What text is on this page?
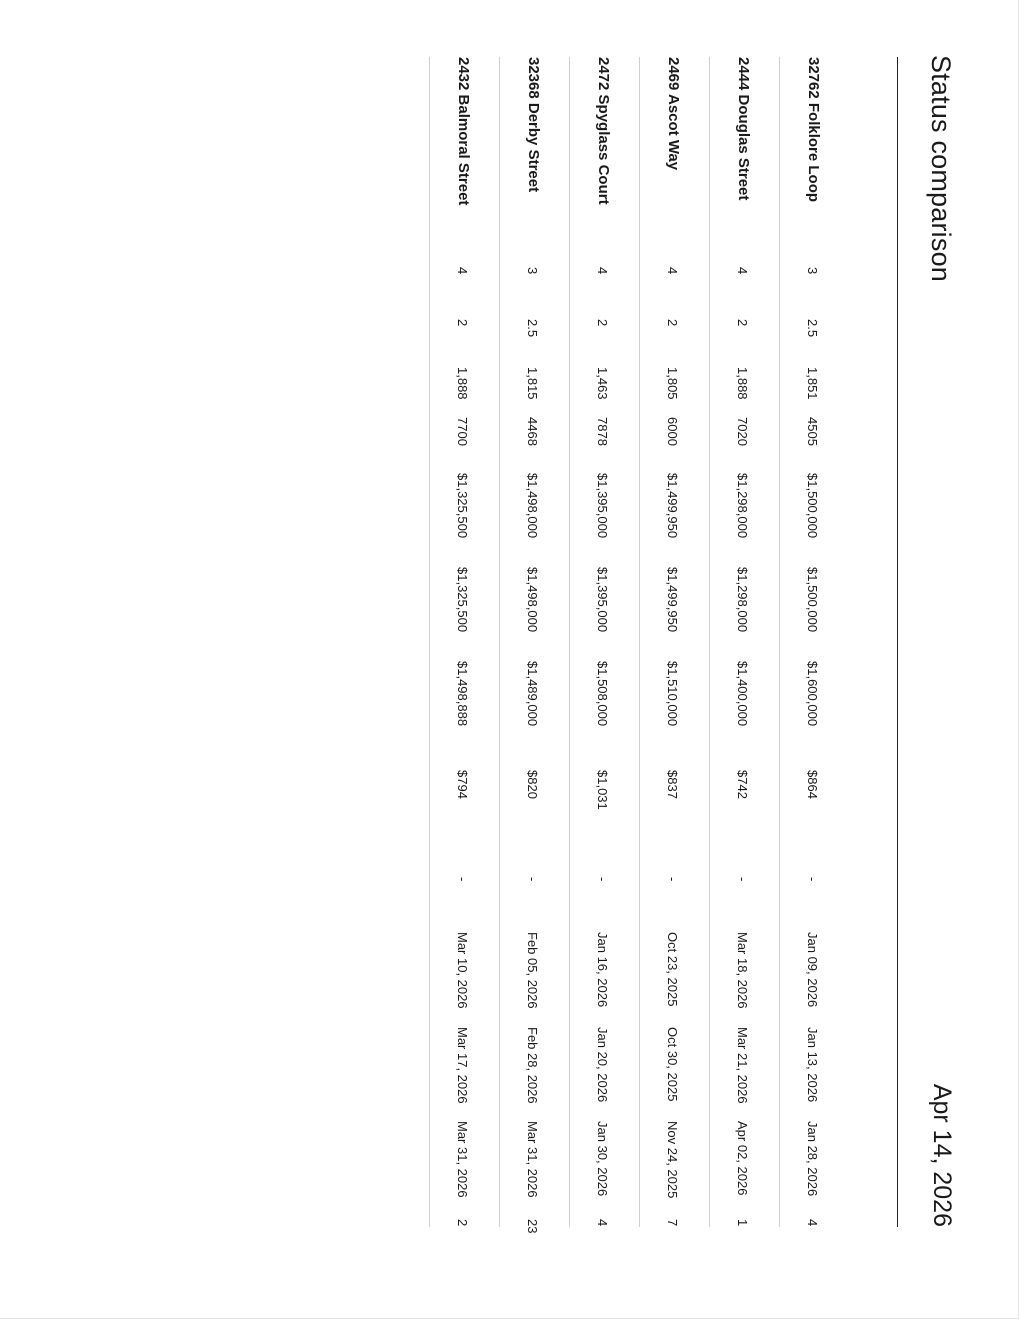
Status comparison
Apr 14, 2026
32762 Folklore Loop
3
2.5
1,851
4505
$1,500,000
$1,500,000
$1,600,000
$864
-
Jan 09, 2026
Jan 13, 2026
Jan 28, 2026
4
2444 Douglas Street
4
2
1,888
7020
$1,298,000
$1,298,000
$1,400,000
$742
-
Mar 18, 2026
Mar 21, 2026
Apr 02, 2026
1
2469 Ascot Way
4
2
1,805
6000
$1,499,950
$1,499,950
$1,510,000
$837
-
Oct 23, 2025
Oct 30, 2025
Nov 24, 2025
7
2472 Spyglass Court
4
2
1,463
7878
$1,395,000
$1,395,000
$1,508,000
$1,031
-
Jan 16, 2026
Jan 20, 2026
Jan 30, 2026
4
32368 Derby Street
3
2.5
1,815
4468
$1,498,000
$1,498,000
$1,489,000
$820
-
Feb 05, 2026
Feb 28, 2026
Mar 31, 2026
23
2432 Balmoral Street
4
2
1,888
7700
$1,325,500
$1,325,500
$1,498,888
$794
-
Mar 10, 2026
Mar 17, 2026
Mar 31, 2026
2
